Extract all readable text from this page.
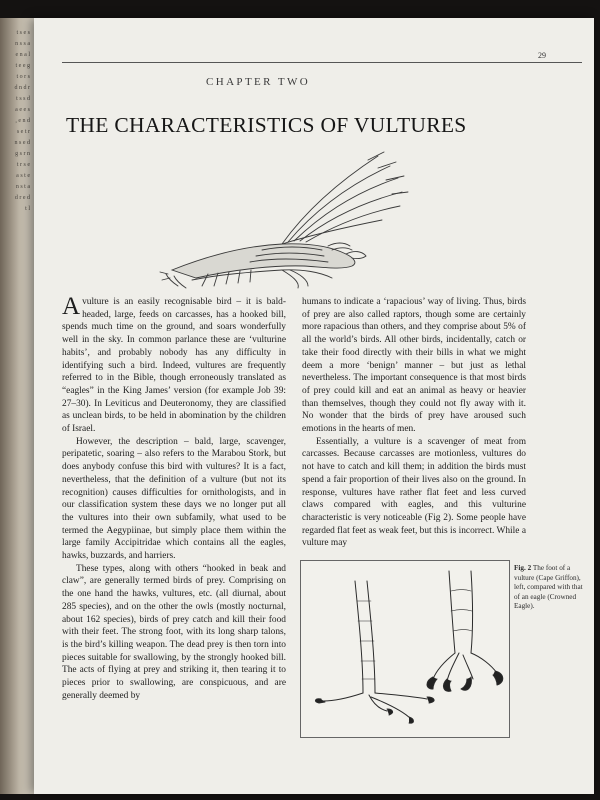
t s e s n s s a e n a l t e e g t o r s d n d r t s s d a e e s , e n d s e t r n s e d g s r n t r s e a s t e n s t a d r e d t l
29
CHAPTER TWO
THE CHARACTERISTICS OF VULTURES

Avulture is an easily recognisable bird – it is bald-headed, large, feeds on carcasses, has a hooked bill, spends much time on the ground, and soars wonderfully well in the sky. In common parlance these are ‘vulturine habits’, and probably nobody has any difficulty in identifying such a bird. Indeed, vultures are frequently referred to in the Bible, though erroneously translated as “eagles” in the King James’ version (for example Job 39: 27–30). In Leviticus and Deuteronomy, they are classified as unclean birds, to be held in abomination by the children of Israel.

However, the description – bald, large, scavenger, peripatetic, soaring – also refers to the Marabou Stork, but does anybody confuse this bird with vultures? It is a fact, nevertheless, that the definition of a vulture (but not its recognition) causes difficulties for ornithologists, and in our classification system these days we no longer put all the vultures into their own subfamily, what used to be termed the Aegypiinae, but simply place them within the large family Accipitridae which contains all the eagles, hawks, buzzards, and harriers.

These types, along with others “hooked in beak and claw”, are generally termed birds of prey. Comprising on the one hand the hawks, vultures, etc. (all diurnal, about 285 species), and on the other the owls (mostly nocturnal, about 162 species), birds of prey catch and kill their food with their feet. The strong foot, with its long sharp talons, is the bird’s killing weapon. The dead prey is then torn into pieces suitable for swallowing, by the strongly hooked bill. The acts of flying at prey and striking it, then tearing it to pieces prior to swallowing, are conspicuous, and are generally deemed by

humans to indicate a ‘rapacious’ way of living. Thus, birds of prey are also called raptors, though some are certainly more rapacious than others, and they comprise about 5% of all the world’s birds. All other birds, incidentally, catch or take their food directly with their bills in what we might deem a more ‘benign’ manner – but just as lethal nevertheless. The important consequence is that most birds of prey could kill and eat an animal as heavy or heavier than themselves, though they could not fly away with it. No wonder that the birds of prey have aroused such emotions in the hearts of men.

Essentially, a vulture is a scavenger of meat from carcasses. Because carcasses are motionless, vultures do not have to catch and kill them; in addition the birds must spend a fair proportion of their lives also on the ground. In response, vultures have rather flat feet and less curved claws compared with eagles, and this vulturine characteristic is very noticeable (Fig 2). Some people have regarded flat feet as weak feet, but this is incorrect. While a vulture may

Fig. 2 The foot of a vulture (Cape Griffon), left, compared with that of an eagle (Crowned Eagle).
